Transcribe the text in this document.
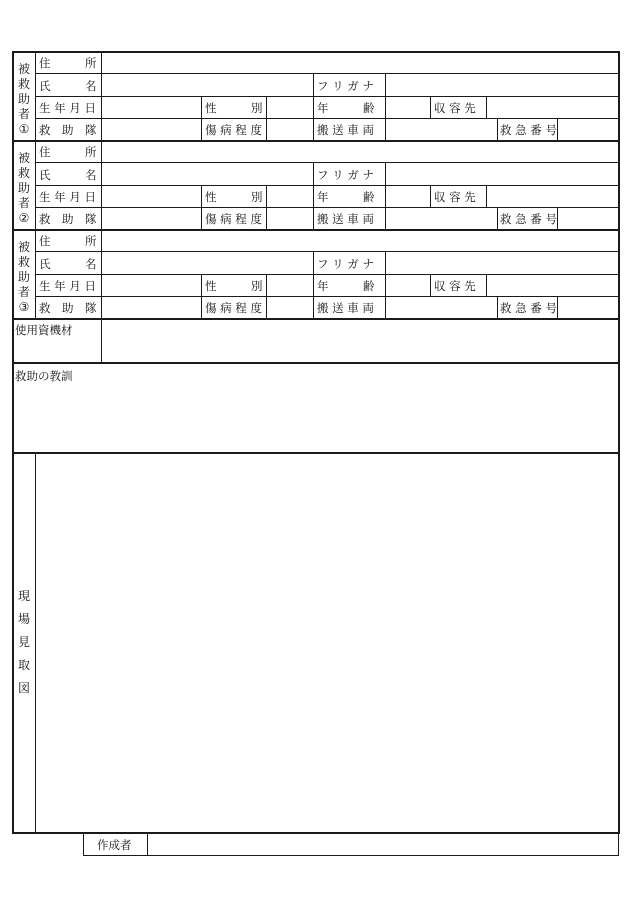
被
救
助
者
①
被
救
助
者
②
被
救
助
者
③
住　　　所
氏　　　名	フ リ ガ ナ
生 年 月 日	性　　　別	年　　　齢	収 容 先
救　助　隊	傷 病 程 度	搬 送 車 両	救 急 番 号
住　　　所
氏　　　名	フ リ ガ ナ
生 年 月 日	性　　　別	年　　　齢	収 容 先
救　助　隊	傷 病 程 度	搬 送 車 両	救 急 番 号
住　　　所
氏　　　名	フ リ ガ ナ
生 年 月 日	性　　　別	年　　　齢	収 容 先
救　助　隊	傷 病 程 度	搬 送 車 両	救 急 番 号
使用資機材
救助の教訓
現
場
見
取
図
作成者
